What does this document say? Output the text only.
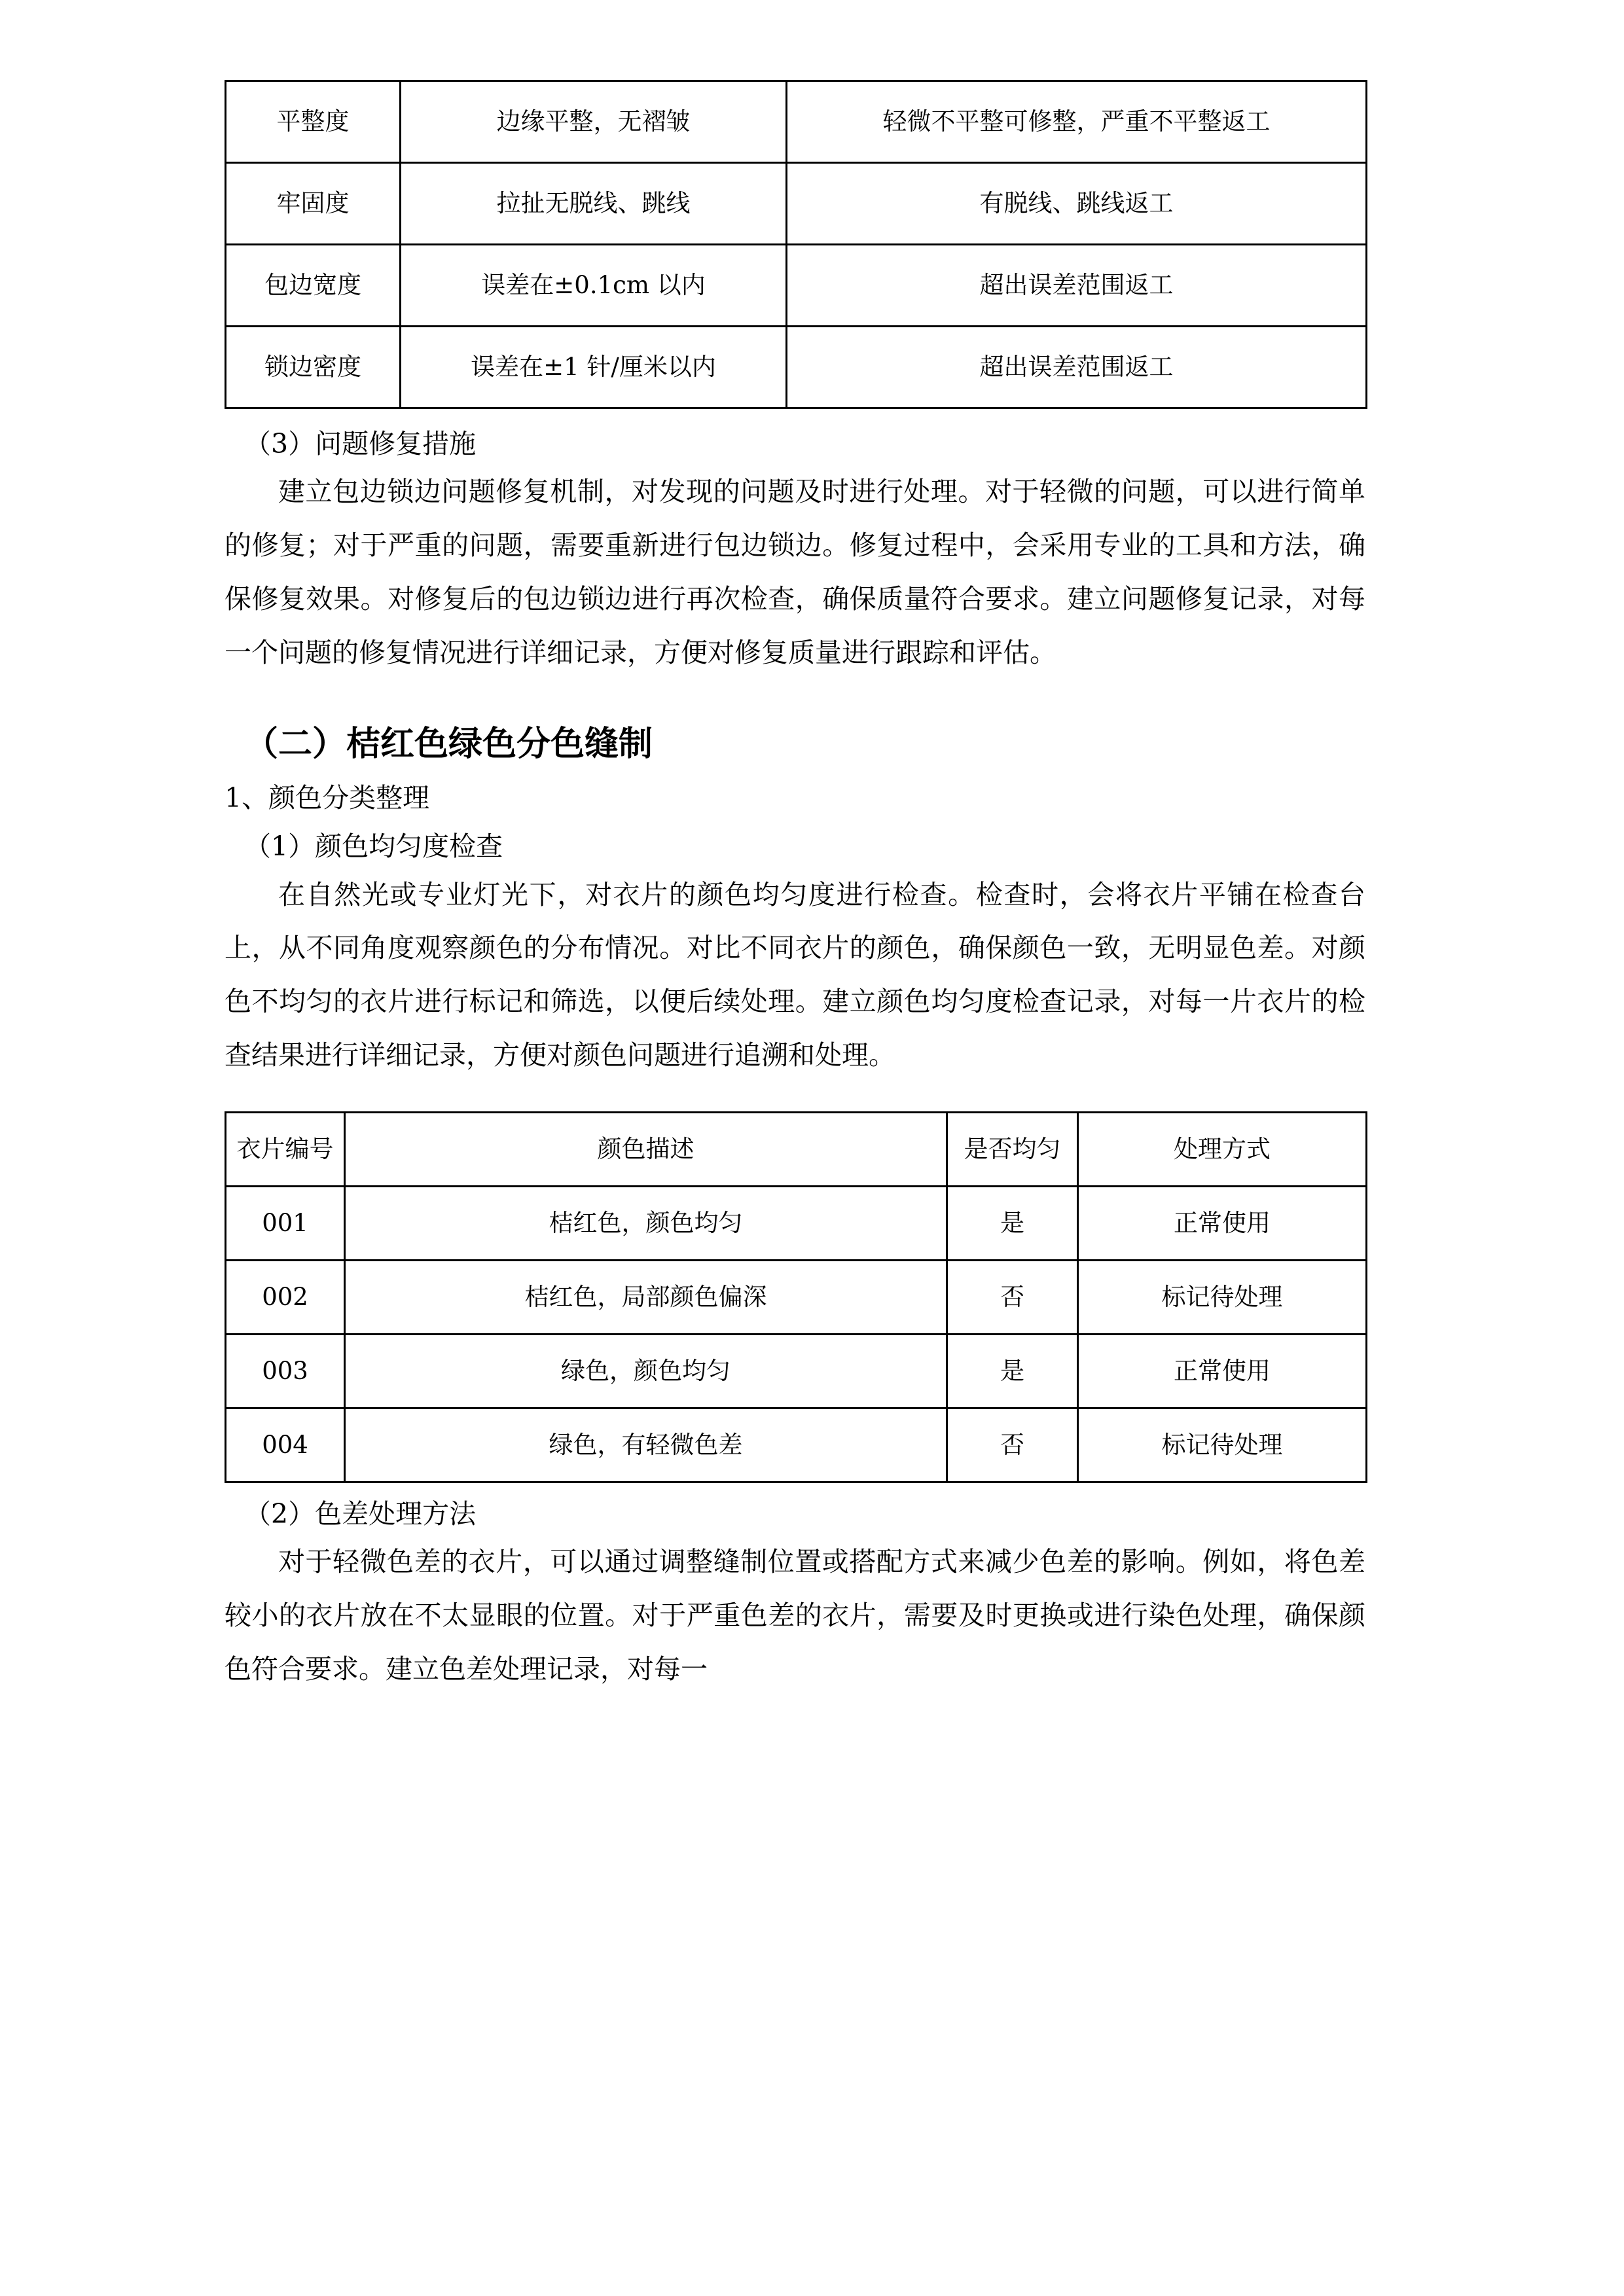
平整度	边缘平整，无褶皱	轻微不平整可修整，严重不平整返工
牢固度	拉扯无脱线、跳线	有脱线、跳线返工
包边宽度	误差在±0.1cm 以内	超出误差范围返工
锁边密度	误差在±1 针/厘米以内	超出误差范围返工
（3）问题修复措施

建立包边锁边问题修复机制，对发现的问题及时进行处理。对于轻微的问题，可以进行简单的修复；对于严重的问题，需要重新进行包边锁边。修复过程中，会采用专业的工具和方法，确保修复效果。对修复后的包边锁边进行再次检查，确保质量符合要求。建立问题修复记录，对每一个问题的修复情况进行详细记录，方便对修复质量进行跟踪和评估。

（二）桔红色绿色分色缝制
1、颜色分类整理
（1）颜色均匀度检查

在自然光或专业灯光下，对衣片的颜色均匀度进行检查。检查时，会将衣片平铺在检查台上，从不同角度观察颜色的分布情况。对比不同衣片的颜色，确保颜色一致，无明显色差。对颜色不均匀的衣片进行标记和筛选，以便后续处理。建立颜色均匀度检查记录，对每一片衣片的检查结果进行详细记录，方便对颜色问题进行追溯和处理。

衣片编号	颜色描述	是否均匀	处理方式
001	桔红色，颜色均匀	是	正常使用
002	桔红色，局部颜色偏深	否	标记待处理
003	绿色，颜色均匀	是	正常使用
004	绿色，有轻微色差	否	标记待处理
（2）色差处理方法

对于轻微色差的衣片，可以通过调整缝制位置或搭配方式来减少色差的影响。例如，将色差较小的衣片放在不太显眼的位置。对于严重色差的衣片，需要及时更换或进行染色处理，确保颜色符合要求。建立色差处理记录，对每一
